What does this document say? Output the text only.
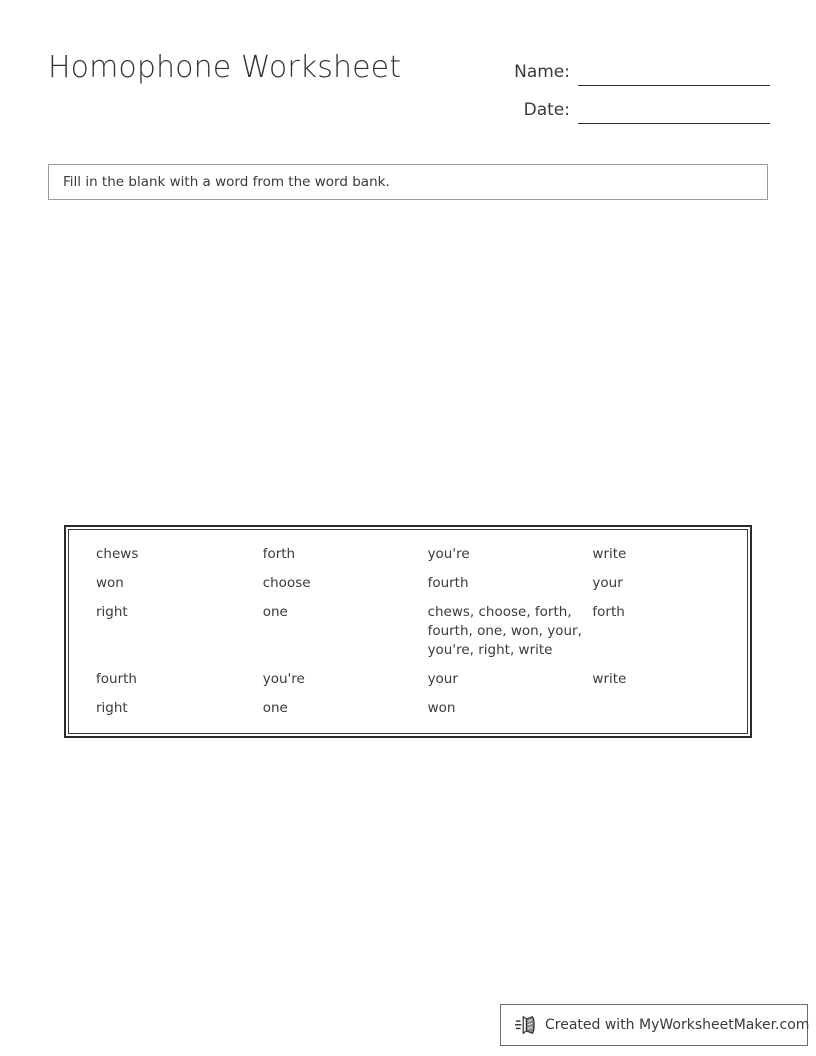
Homophone Worksheet	Name:
Date:
Fill in the blank with a word from the word bank.
chews	forth	you're	write
won	choose	fourth	your
right	one	chews, choose, forth, fourth, one, won, your, you're, right, write	forth
fourth	you're	your	write
right	one	won	
Created with MyWorksheetMaker.com
